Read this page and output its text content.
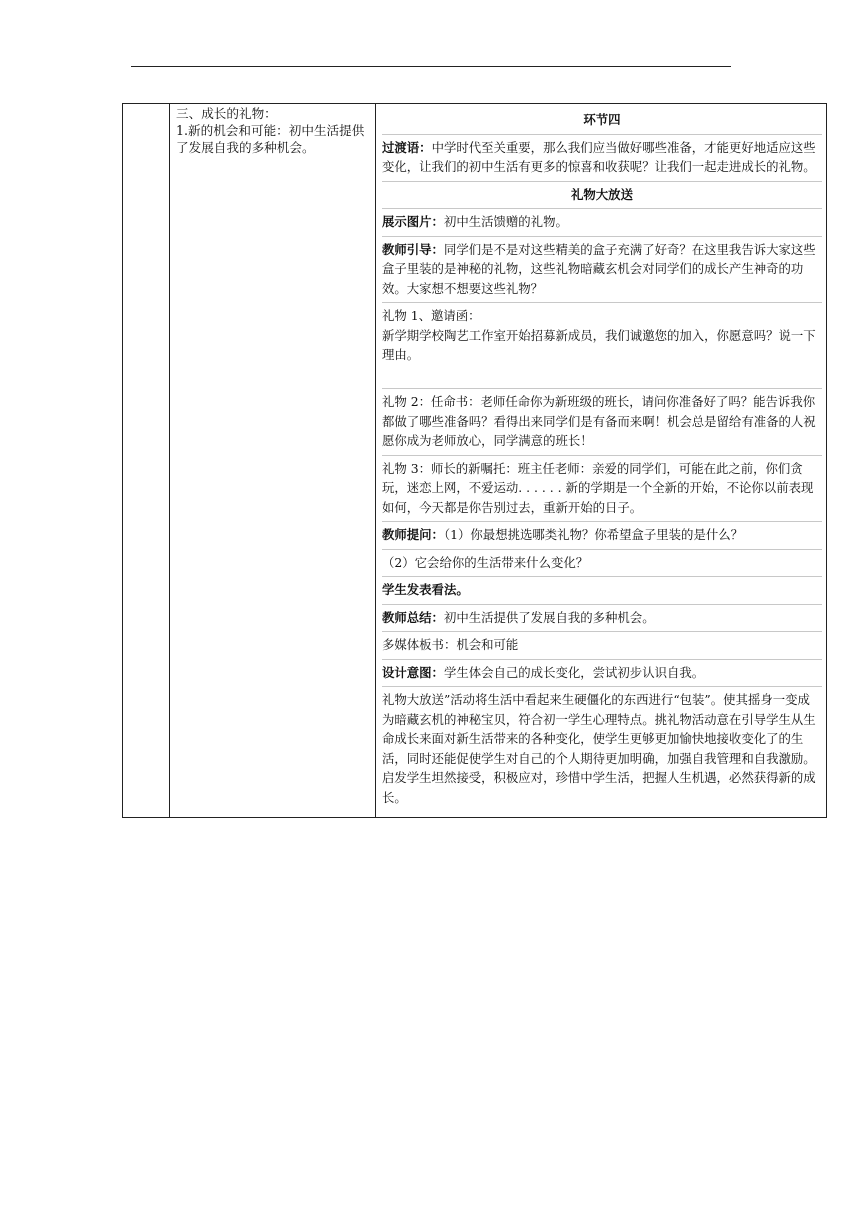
三、成长的礼物：
1.新的机会和可能：初中生活提供了发展自我的多种机会。

环节四
过渡语：中学时代至关重要，那么我们应当做好哪些准备，才能更好地适应这些变化，让我们的初中生活有更多的惊喜和收获呢？让我们一起走进成长的礼物。
礼物大放送
展示图片：初中生活馈赠的礼物。
教师引导：同学们是不是对这些精美的盒子充满了好奇？在这里我告诉大家这些盒子里装的是神秘的礼物，这些礼物暗藏玄机会对同学们的成长产生神奇的功效。大家想不想要这些礼物？
礼物 1、邀请函：
新学期学校陶艺工作室开始招募新成员，我们诚邀您的加入，你愿意吗？说一下理由。
礼物 2：任命书：老师任命你为新班级的班长，请问你准备好了吗？能告诉我你都做了哪些准备吗？看得出来同学们是有备而来啊！机会总是留给有准备的人祝愿你成为老师放心，同学满意的班长！
礼物 3：师长的新嘱托：班主任老师：亲爱的同学们，可能在此之前，你们贪玩，迷恋上网，不爱运动. . . . . . 新的学期是一个全新的开始，不论你以前表现如何，今天都是你告别过去，重新开始的日子。
教师提问：（1）你最想挑选哪类礼物？你希望盒子里装的是什么？
（2）它会给你的生活带来什么变化？
学生发表看法。
教师总结：初中生活提供了发展自我的多种机会。
多媒体板书：机会和可能
设计意图：学生体会自己的成长变化，尝试初步认识自我。
礼物大放送”活动将生活中看起来生硬僵化的东西进行“包装”。使其摇身一变成为暗藏玄机的神秘宝贝，符合初一学生心理特点。挑礼物活动意在引导学生从生命成长来面对新生活带来的各种变化，使学生更够更加愉快地接收变化了的生活，同时还能促使学生对自己的个人期待更加明确，加强自我管理和自我激励。启发学生坦然接受，积极应对，珍惜中学生活，把握人生机遇，必然获得新的成长。
